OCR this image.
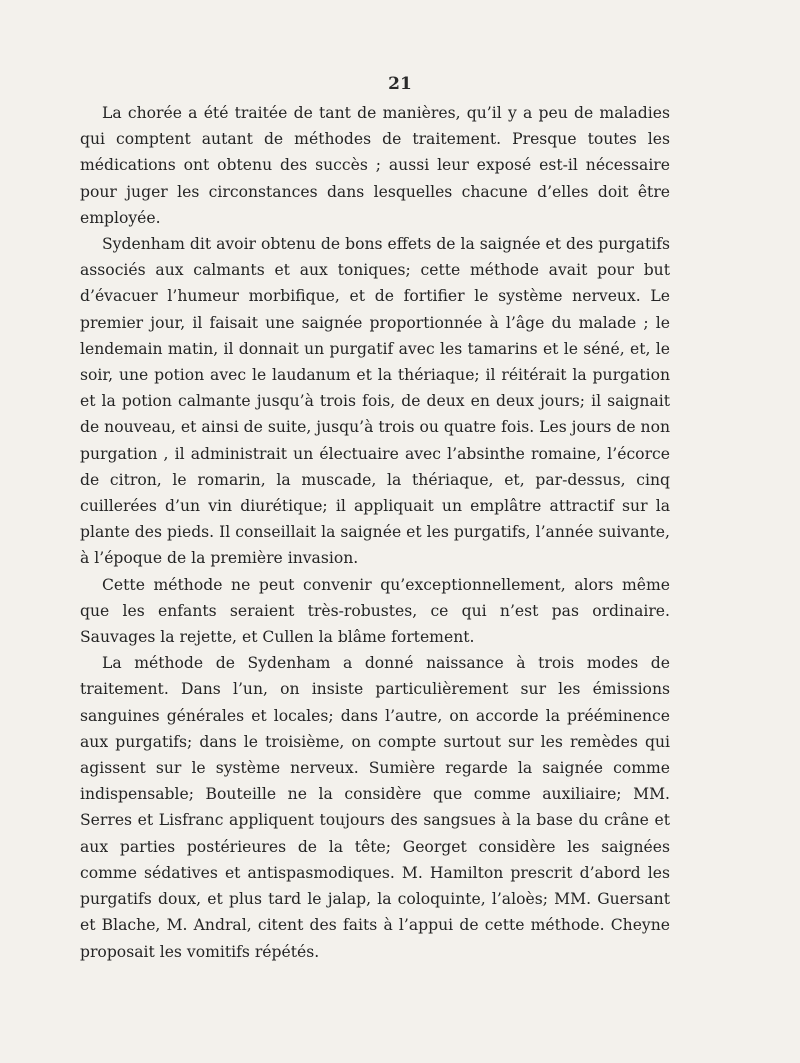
21

La chorée a été traitée de tant de manières, qu’il y a peu de maladies qui comptent autant de méthodes de traitement. Presque toutes les médications ont obtenu des succès ; aussi leur exposé est-il nécessaire pour juger les circonstances dans lesquelles chacune d’elles doit être employée.

Sydenham dit avoir obtenu de bons effets de la saignée et des purgatifs associés aux calmants et aux toniques; cette méthode avait pour but d’évacuer l’humeur morbifique, et de fortifier le système nerveux. Le premier jour, il faisait une saignée proportionnée à l’âge du malade ; le lendemain matin, il donnait un purgatif avec les tamarins et le séné, et, le soir, une potion avec le laudanum et la thériaque; il réitérait la purgation et la potion calmante jusqu’à trois fois, de deux en deux jours; il saignait de nouveau, et ainsi de suite, jusqu’à trois ou quatre fois. Les jours de non purgation , il administrait un électuaire avec l’absinthe romaine, l’écorce de citron, le romarin, la muscade, la thériaque, et, par-dessus, cinq cuillerées d’un vin diurétique; il appliquait un emplâtre attractif sur la plante des pieds. Il conseillait la saignée et les purgatifs, l’année suivante, à l’époque de la première invasion.

Cette méthode ne peut convenir qu’exceptionnellement, alors même que les enfants seraient très-robustes, ce qui n’est pas ordinaire. Sauvages la rejette, et Cullen la blâme fortement.

La méthode de Sydenham a donné naissance à trois modes de traitement. Dans l’un, on insiste particulièrement sur les émissions sanguines générales et locales; dans l’autre, on accorde la prééminence aux purgatifs; dans le troisième, on compte surtout sur les remèdes qui agissent sur le système nerveux. Sumière regarde la saignée comme indispensable; Bouteille ne la considère que comme auxiliaire; MM. Serres et Lisfranc appliquent toujours des sangsues à la base du crâne et aux parties postérieures de la tête; Georget considère les saignées comme sédatives et antispasmodiques. M. Hamilton prescrit d’abord les purgatifs doux, et plus tard le jalap, la coloquinte, l’aloès; MM. Guersant et Blache, M. Andral, citent des faits à l’appui de cette méthode. Cheyne proposait les vomitifs répétés.
